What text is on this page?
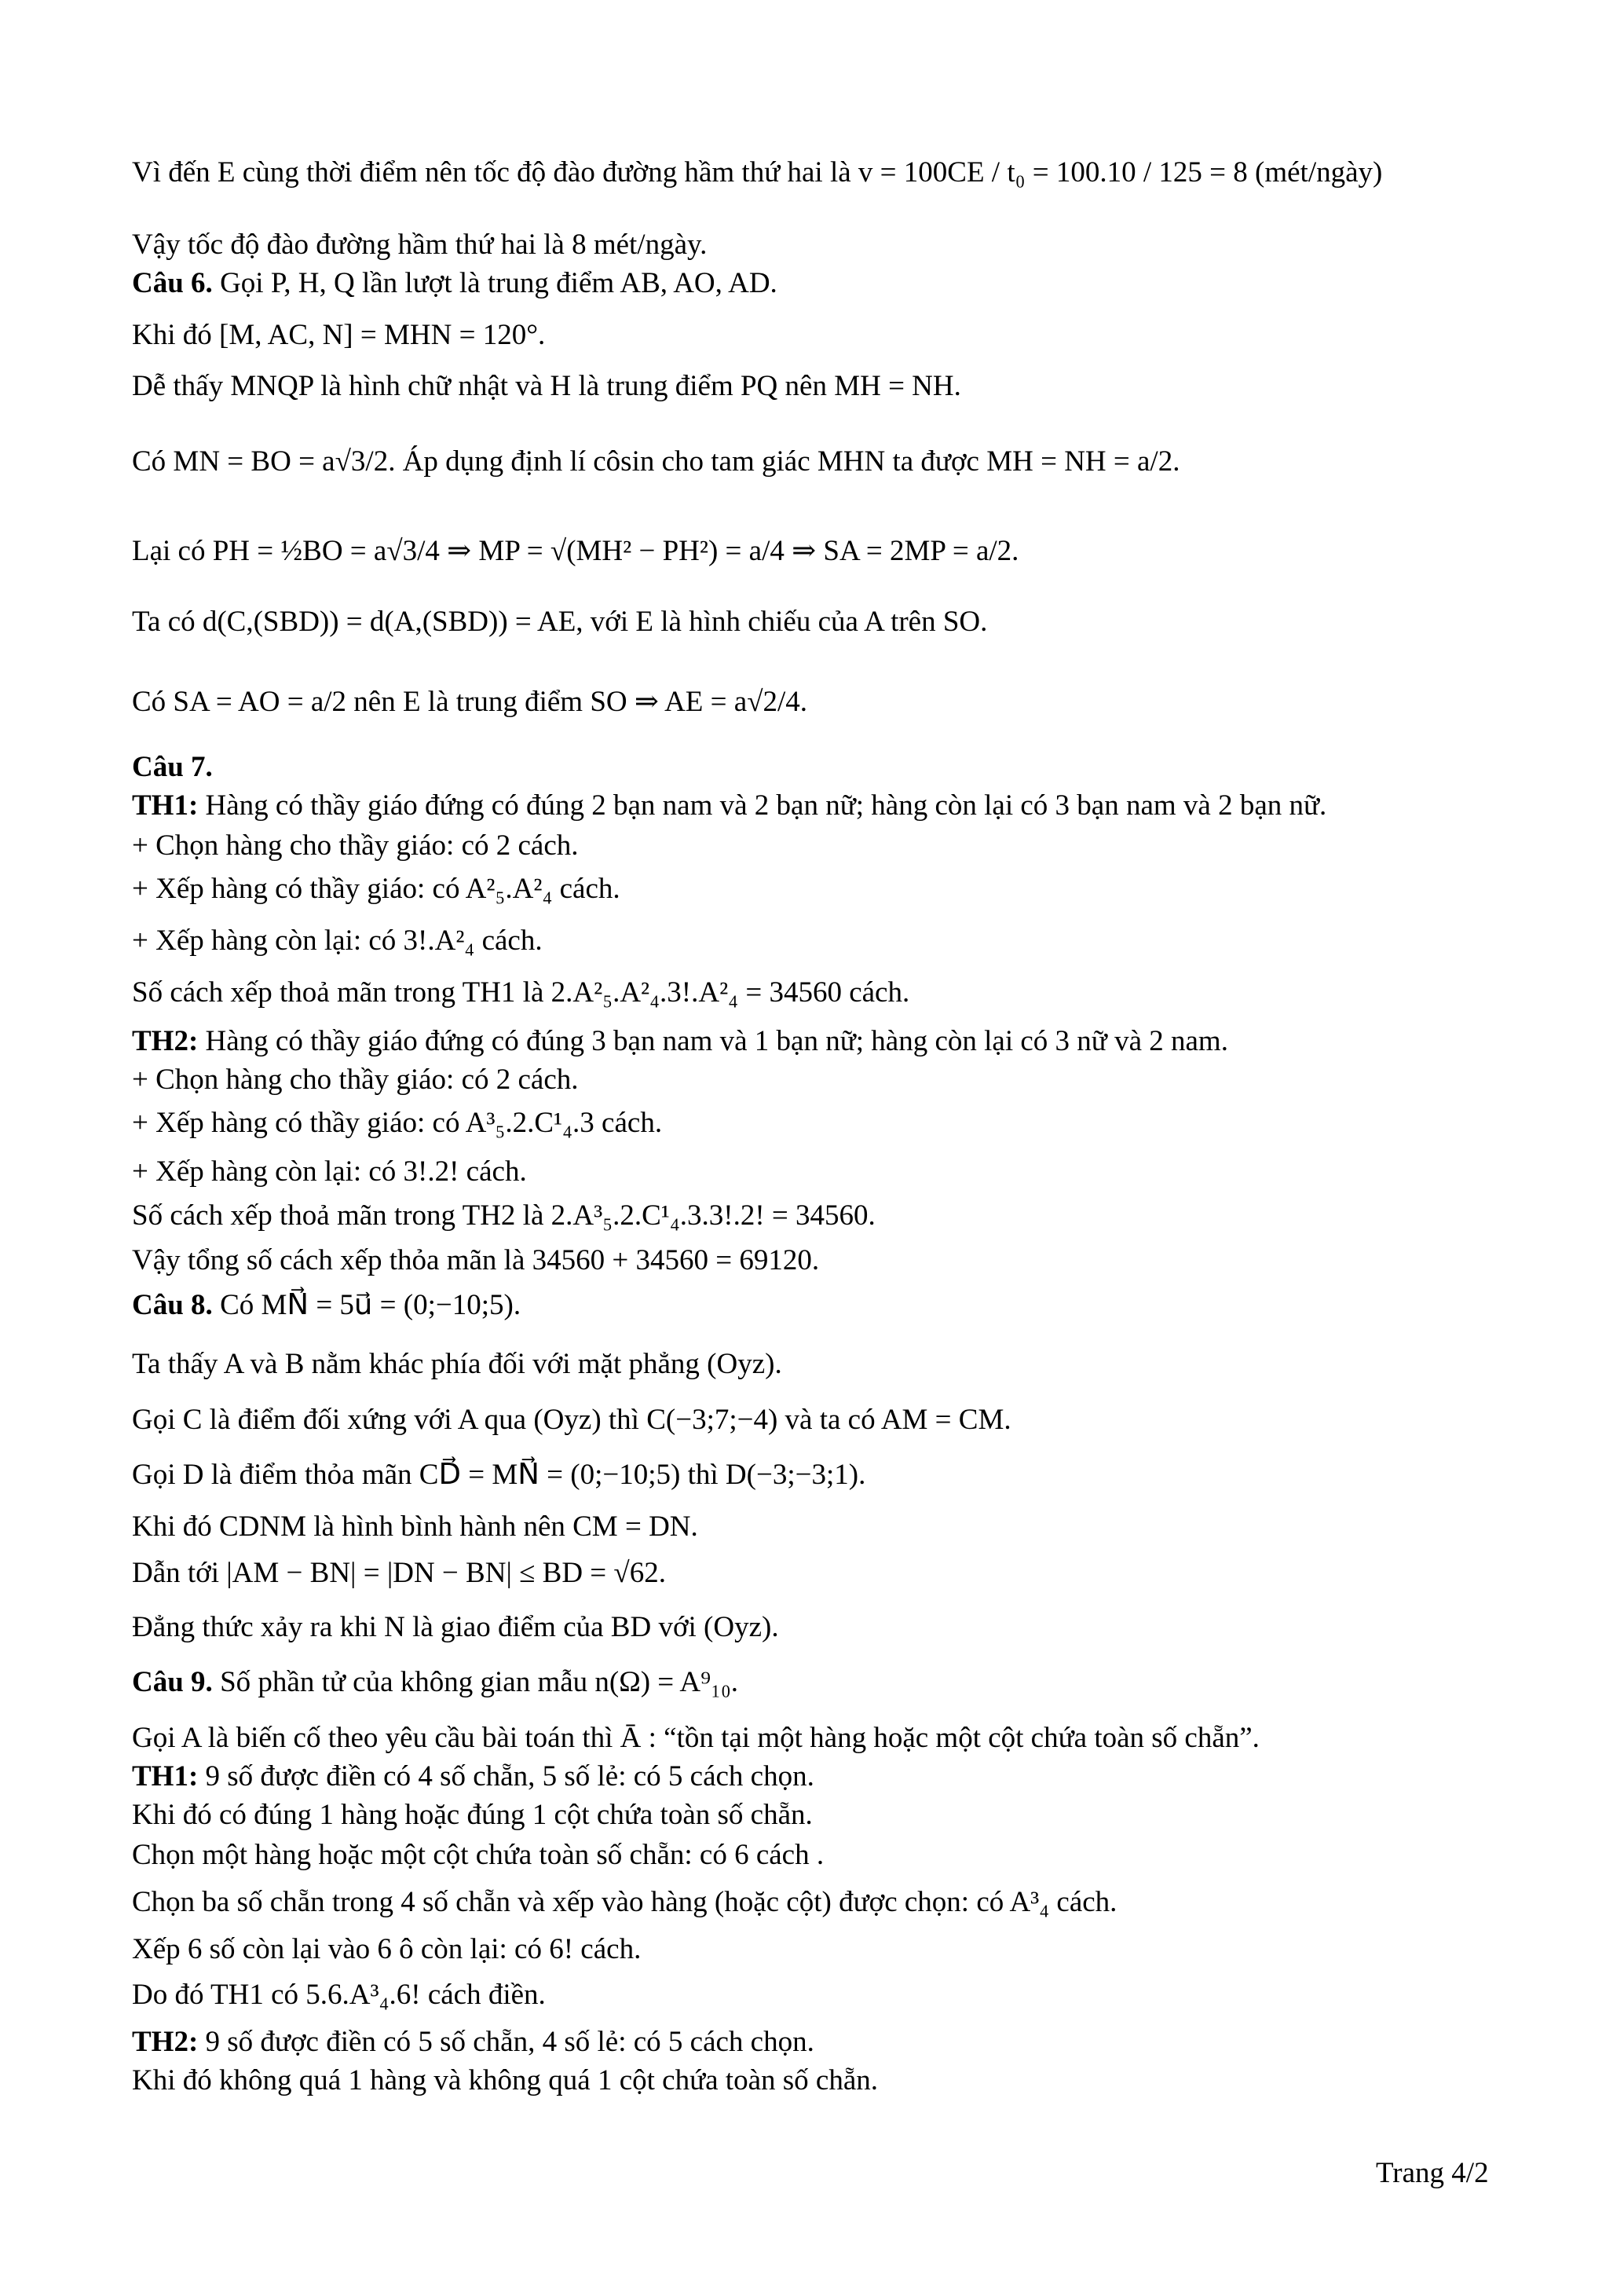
Vì đến E cùng thời điểm nên tốc độ đào đường hầm thứ hai là v = 100CE / t₀ = 100.10 / 125 = 8 (mét/ngày)
Vậy tốc độ đào đường hầm thứ hai là 8 mét/ngày.
Câu 6. Gọi P, H, Q lần lượt là trung điểm AB, AO, AD.
Khi đó [M, AC, N] = MHN = 120°.
Dễ thấy MNQP là hình chữ nhật và H là trung điểm PQ nên MH = NH.
Có MN = BO = a√3/2. Áp dụng định lí côsin cho tam giác MHN ta được MH = NH = a/2.
Lại có PH = ½BO = a√3/4 ⇒ MP = √(MH² − PH²) = a/4 ⇒ SA = 2MP = a/2.
Ta có d(C,(SBD)) = d(A,(SBD)) = AE, với E là hình chiếu của A trên SO.
Có SA = AO = a/2 nên E là trung điểm SO ⇒ AE = a√2/4.
Câu 7.
TH1: Hàng có thầy giáo đứng có đúng 2 bạn nam và 2 bạn nữ; hàng còn lại có 3 bạn nam và 2 bạn nữ.
+ Chọn hàng cho thầy giáo: có 2 cách.
+ Xếp hàng có thầy giáo: có A²₅.A²₄ cách.
+ Xếp hàng còn lại: có 3!.A²₄ cách.
Số cách xếp thoả mãn trong TH1 là 2.A²₅.A²₄.3!.A²₄ = 34560 cách.
TH2: Hàng có thầy giáo đứng có đúng 3 bạn nam và 1 bạn nữ; hàng còn lại có 3 nữ và 2 nam.
+ Chọn hàng cho thầy giáo: có 2 cách.
+ Xếp hàng có thầy giáo: có A³₅.2.C¹₄.3 cách.
+ Xếp hàng còn lại: có 3!.2! cách.
Số cách xếp thoả mãn trong TH2 là 2.A³₅.2.C¹₄.3.3!.2! = 34560.
Vậy tổng số cách xếp thỏa mãn là 34560 + 34560 = 69120.
Câu 8. Có MN⃗ = 5u⃗ = (0;−10;5).
Ta thấy A và B nằm khác phía đối với mặt phẳng (Oyz).
Gọi C là điểm đối xứng với A qua (Oyz) thì C(−3;7;−4) và ta có AM = CM.
Gọi D là điểm thỏa mãn CD⃗ = MN⃗ = (0;−10;5) thì D(−3;−3;1).
Khi đó CDNM là hình bình hành nên CM = DN.
Dẫn tới |AM − BN| = |DN − BN| ≤ BD = √62.
Đẳng thức xảy ra khi N là giao điểm của BD với (Oyz).
Câu 9. Số phần tử của không gian mẫu n(Ω) = A⁹₁₀.
Gọi A là biến cố theo yêu cầu bài toán thì Ā : “tồn tại một hàng hoặc một cột chứa toàn số chẵn”.
TH1: 9 số được điền có 4 số chẵn, 5 số lẻ: có 5 cách chọn.
Khi đó có đúng 1 hàng hoặc đúng 1 cột chứa toàn số chẵn.
Chọn một hàng hoặc một cột chứa toàn số chẵn: có 6 cách .
Chọn ba số chẵn trong 4 số chẵn và xếp vào hàng (hoặc cột) được chọn: có A³₄ cách.
Xếp 6 số còn lại vào 6 ô còn lại: có 6! cách.
Do đó TH1 có 5.6.A³₄.6! cách điền.
TH2: 9 số được điền có 5 số chẵn, 4 số lẻ: có 5 cách chọn.
Khi đó không quá 1 hàng và không quá 1 cột chứa toàn số chẵn.
Trang 4/2
